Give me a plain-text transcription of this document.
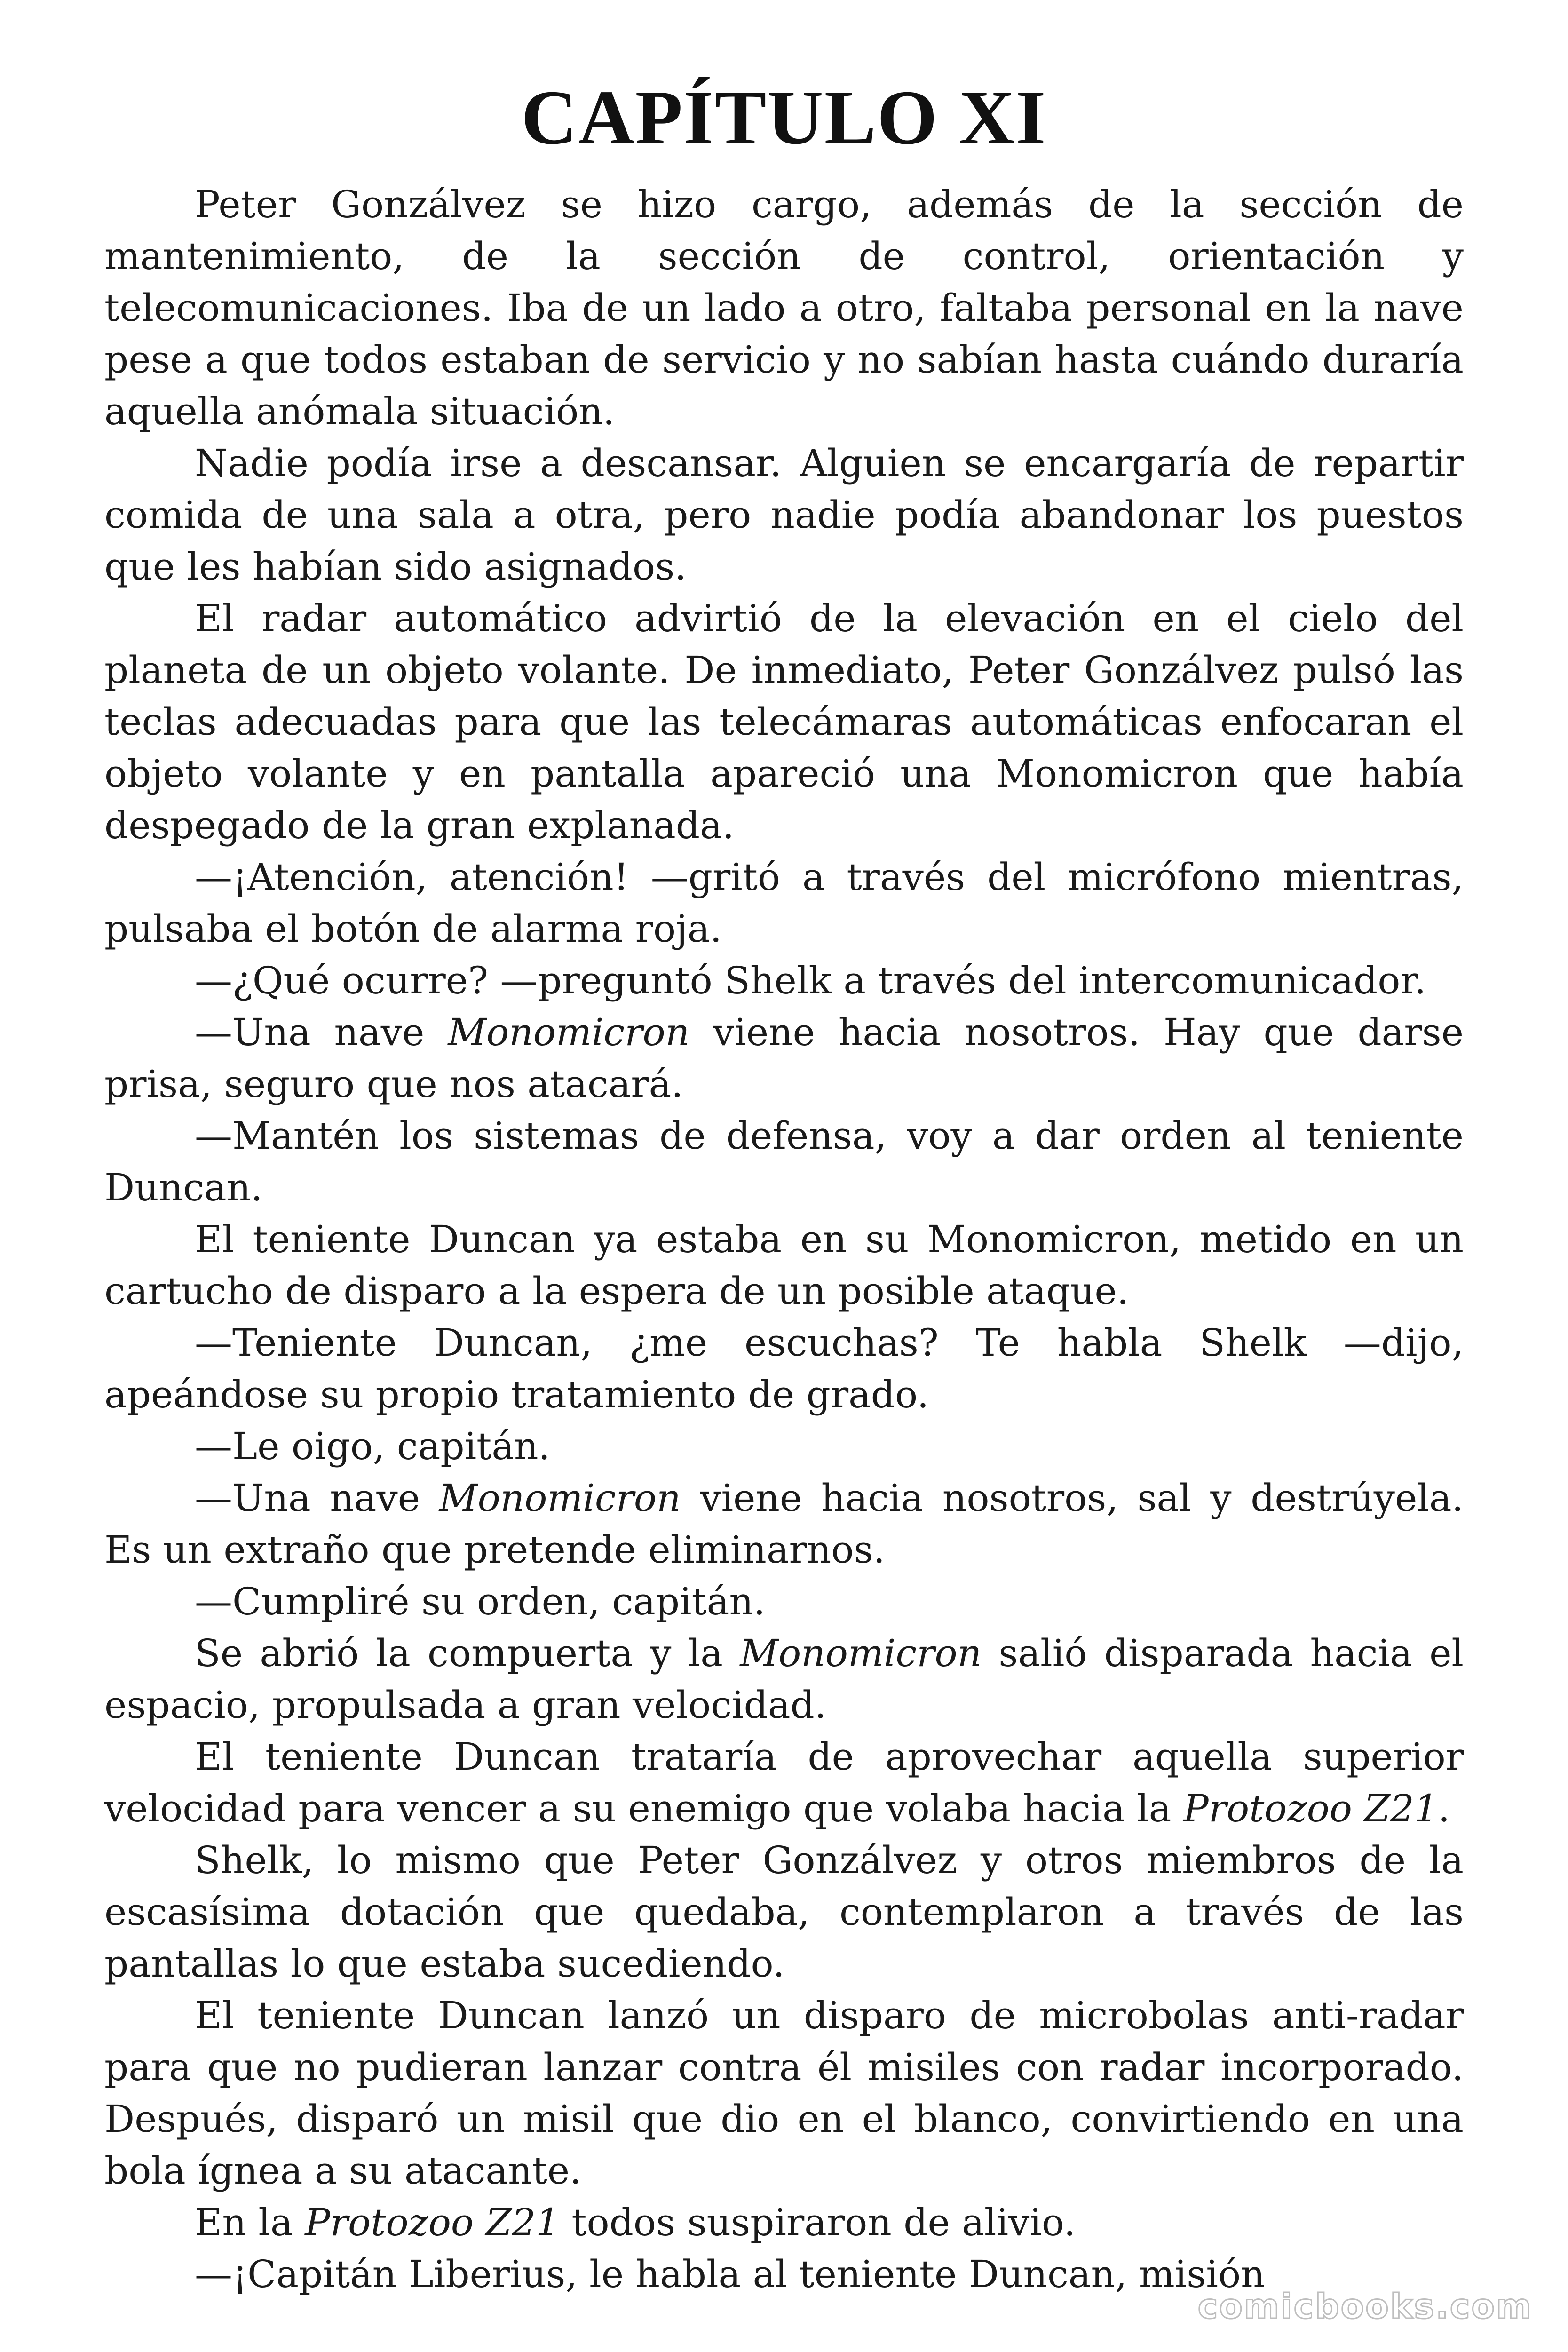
CAPÍTULO XI

Peter Gonzálvez se hizo cargo, además de la sección de mantenimiento, de la sección de control, orientación y telecomunicaciones. Iba de un lado a otro, faltaba personal en la nave pese a que todos estaban de servicio y no sabían hasta cuándo duraría aquella anómala situación.

Nadie podía irse a descansar. Alguien se encargaría de repartir comida de una sala a otra, pero nadie podía abandonar los puestos que les habían sido asignados.

El radar automático advirtió de la elevación en el cielo del planeta de un objeto volante. De inmediato, Peter Gonzálvez pulsó las teclas adecuadas para que las telecámaras automáticas enfocaran el objeto volante y en pantalla apareció una Monomicron que había despegado de la gran explanada.

—¡Atención, atención! —gritó a través del micrófono mientras, pulsaba el botón de alarma roja.

—¿Qué ocurre? —preguntó Shelk a través del intercomunicador.

—Una nave Monomicron viene hacia nosotros. Hay que darse prisa, seguro que nos atacará.

—Mantén los sistemas de defensa, voy a dar orden al teniente Duncan.

El teniente Duncan ya estaba en su Monomicron, metido en un cartucho de disparo a la espera de un posible ataque.

—Teniente Duncan, ¿me escuchas? Te habla Shelk —dijo, apeándose su propio tratamiento de grado.

—Le oigo, capitán.

—Una nave Monomicron viene hacia nosotros, sal y destrúyela. Es un extraño que pretende eliminarnos.

—Cumpliré su orden, capitán.

Se abrió la compuerta y la Monomicron salió disparada hacia el espacio, propulsada a gran velocidad.

El teniente Duncan trataría de aprovechar aquella superior velocidad para vencer a su enemigo que volaba hacia la Protozoo Z21.

Shelk, lo mismo que Peter Gonzálvez y otros miembros de la escasísima dotación que quedaba, contemplaron a través de las pantallas lo que estaba sucediendo.

El teniente Duncan lanzó un disparo de microbolas anti-radar para que no pudieran lanzar contra él misiles con radar incorporado. Después, disparó un misil que dio en el blanco, convirtiendo en una bola ígnea a su atacante.

En la Protozoo Z21 todos suspiraron de alivio.

—¡Capitán Liberius, le habla al teniente Duncan, misión

comicbooks.com
